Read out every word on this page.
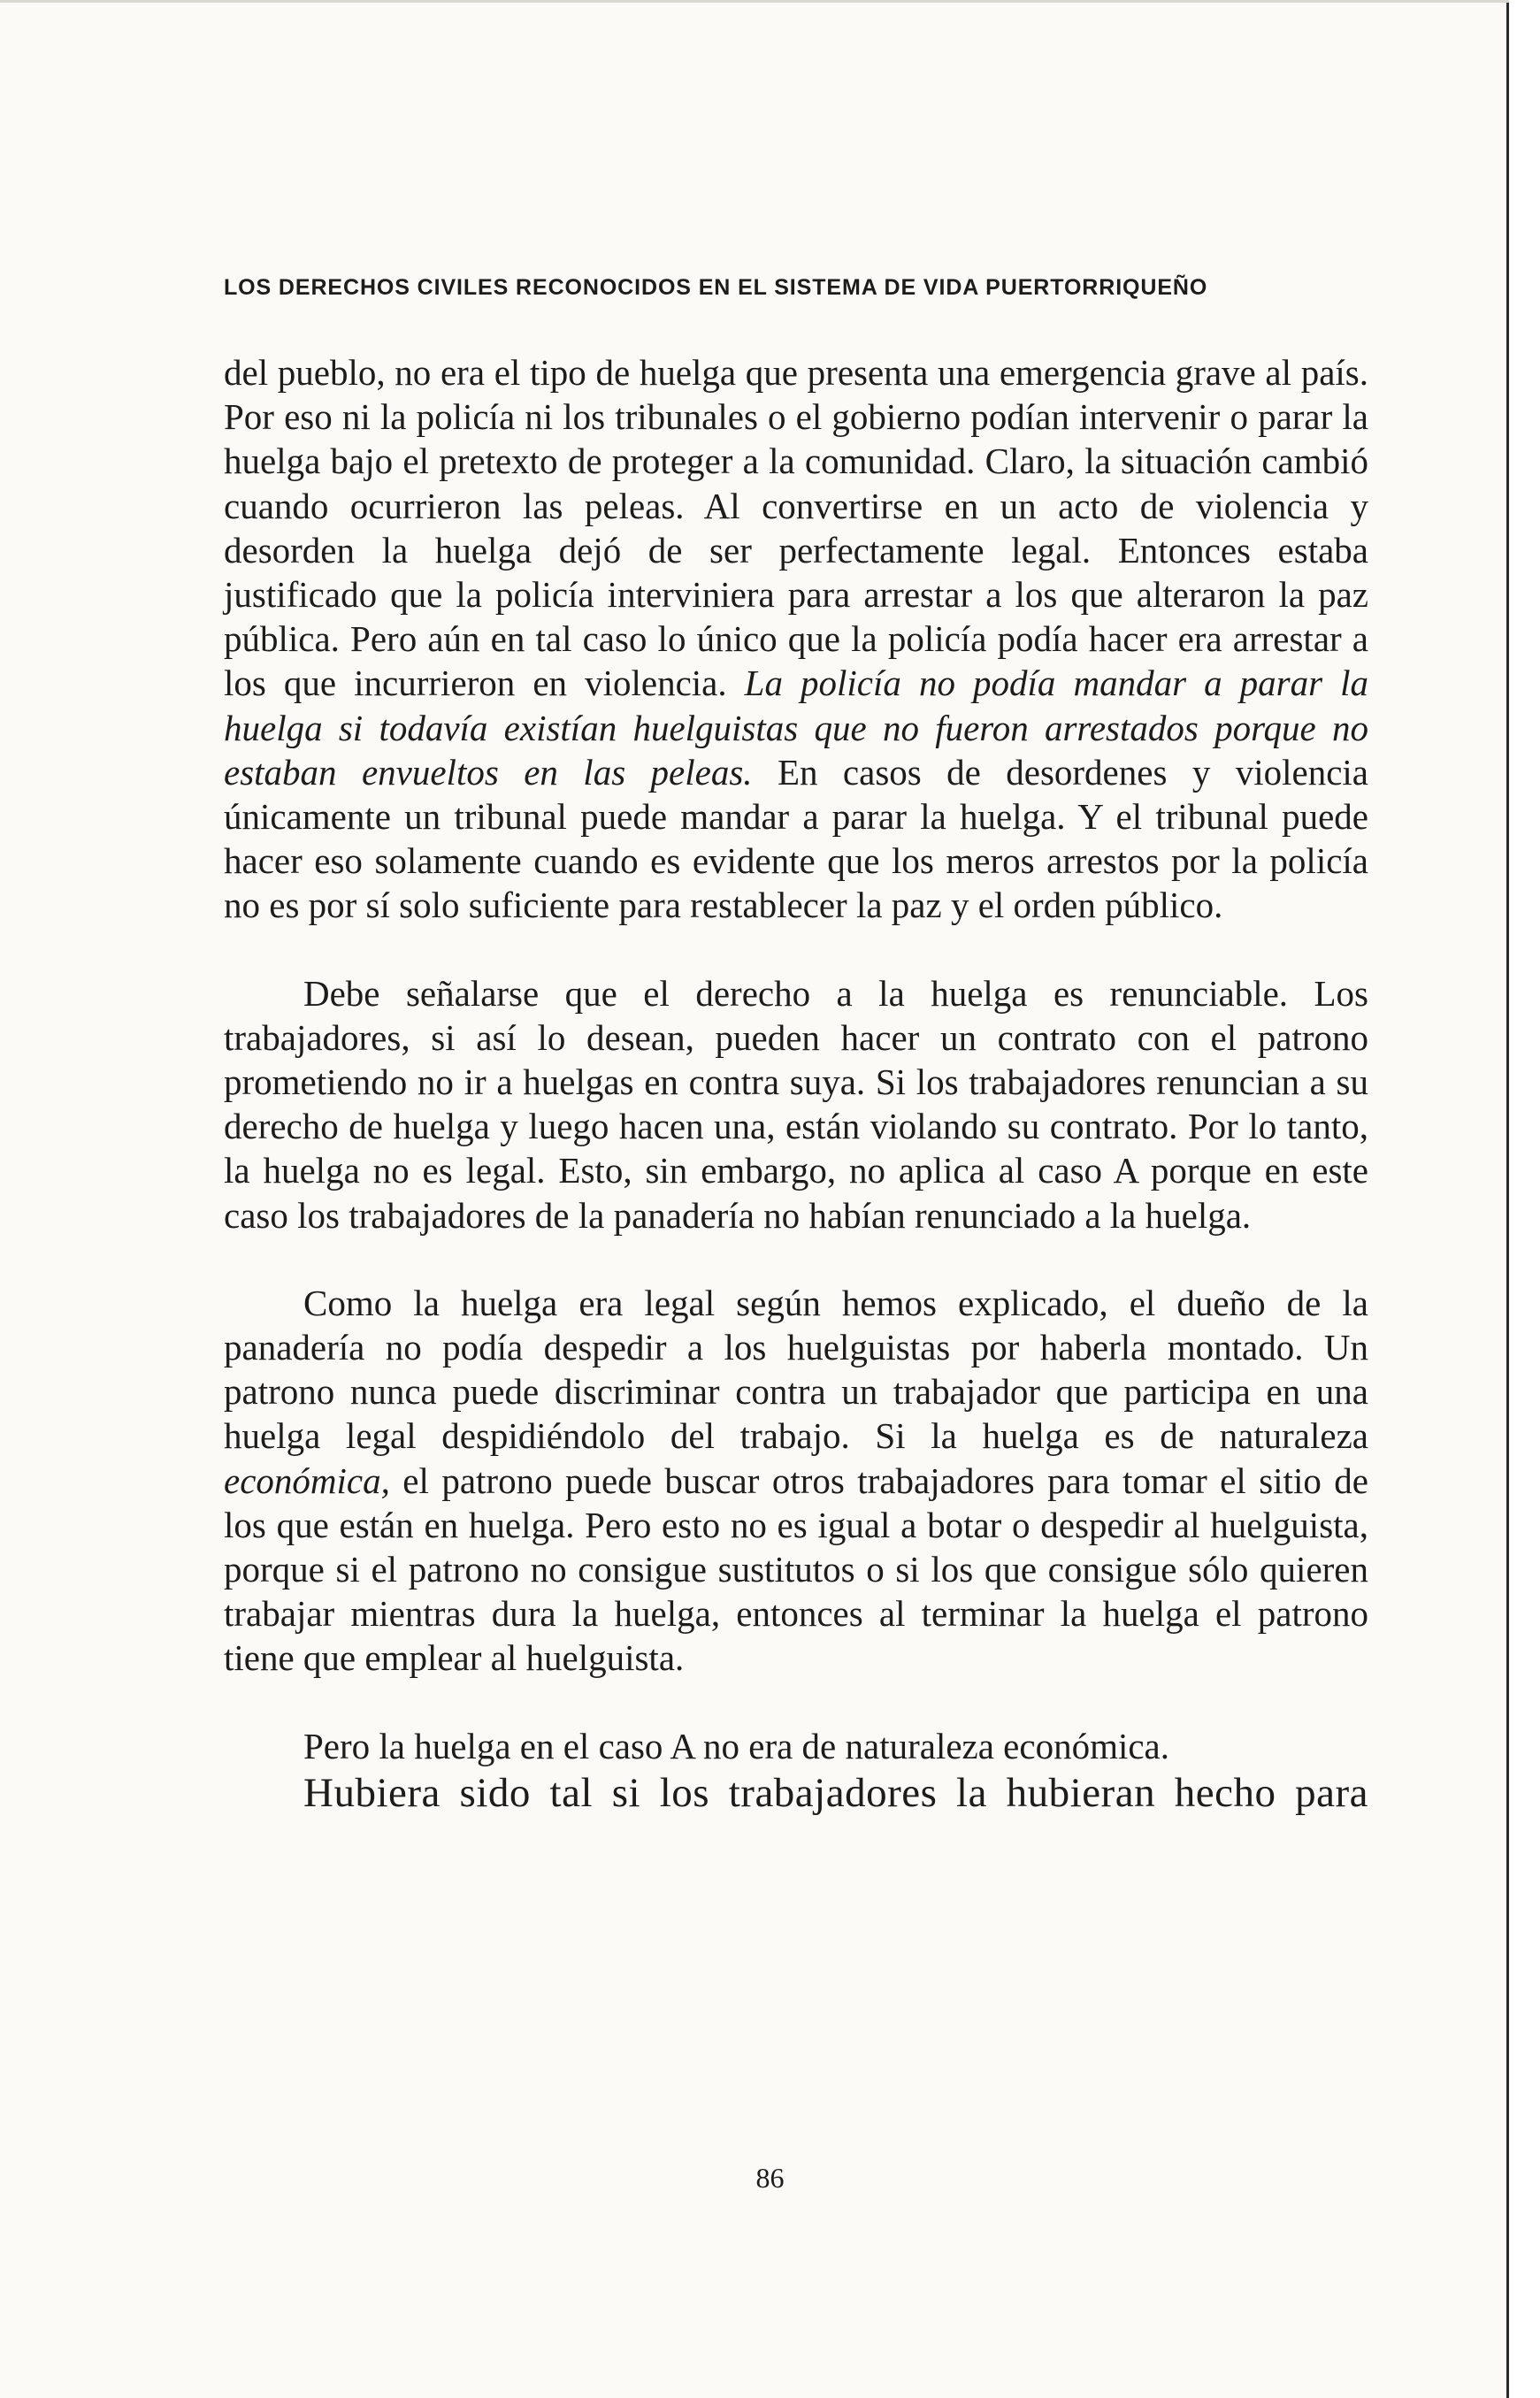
LOS DERECHOS CIVILES RECONOCIDOS EN EL SISTEMA DE VIDA PUERTORRIQUEÑO

del pueblo, no era el tipo de huelga que presenta una emergencia grave al país. Por eso ni la policía ni los tribunales o el gobierno podían intervenir o parar la huelga bajo el pretexto de proteger a la comunidad. Claro, la situación cambió cuando ocurrieron las peleas. Al convertirse en un acto de violencia y desorden la huelga dejó de ser perfectamente legal. Entonces estaba justificado que la policía interviniera para arrestar a los que alteraron la paz pública. Pero aún en tal caso lo único que la policía podía hacer era arrestar a los que incurrieron en violencia. La policía no podía mandar a parar la huelga si todavía existían huelguistas que no fueron arrestados porque no estaban envueltos en las peleas. En casos de desordenes y violencia únicamente un tribunal puede mandar a parar la huelga. Y el tribunal puede hacer eso solamente cuando es evidente que los meros arrestos por la policía no es por sí solo suficiente para restablecer la paz y el orden público.

Debe señalarse que el derecho a la huelga es renunciable. Los trabajadores, si así lo desean, pueden hacer un contrato con el patrono prometiendo no ir a huelgas en contra suya. Si los trabajadores renuncian a su derecho de huelga y luego hacen una, están violando su contrato. Por lo tanto, la huelga no es legal. Esto, sin embargo, no aplica al caso A porque en este caso los trabajadores de la panadería no habían renunciado a la huelga.

Como la huelga era legal según hemos explicado, el dueño de la panadería no podía despedir a los huelguistas por haberla montado. Un patrono nunca puede discriminar contra un trabajador que participa en una huelga legal despidiéndolo del trabajo. Si la huelga es de naturaleza económica, el patrono puede buscar otros trabajadores para tomar el sitio de los que están en huelga. Pero esto no es igual a botar o despedir al huelguista, porque si el patrono no consigue sustitutos o si los que consigue sólo quieren trabajar mientras dura la huelga, entonces al terminar la huelga el patrono tiene que emplear al huelguista.

Pero la huelga en el caso A no era de naturaleza económica.
Hubiera sido tal si los trabajadores la hubieran hecho para

86
